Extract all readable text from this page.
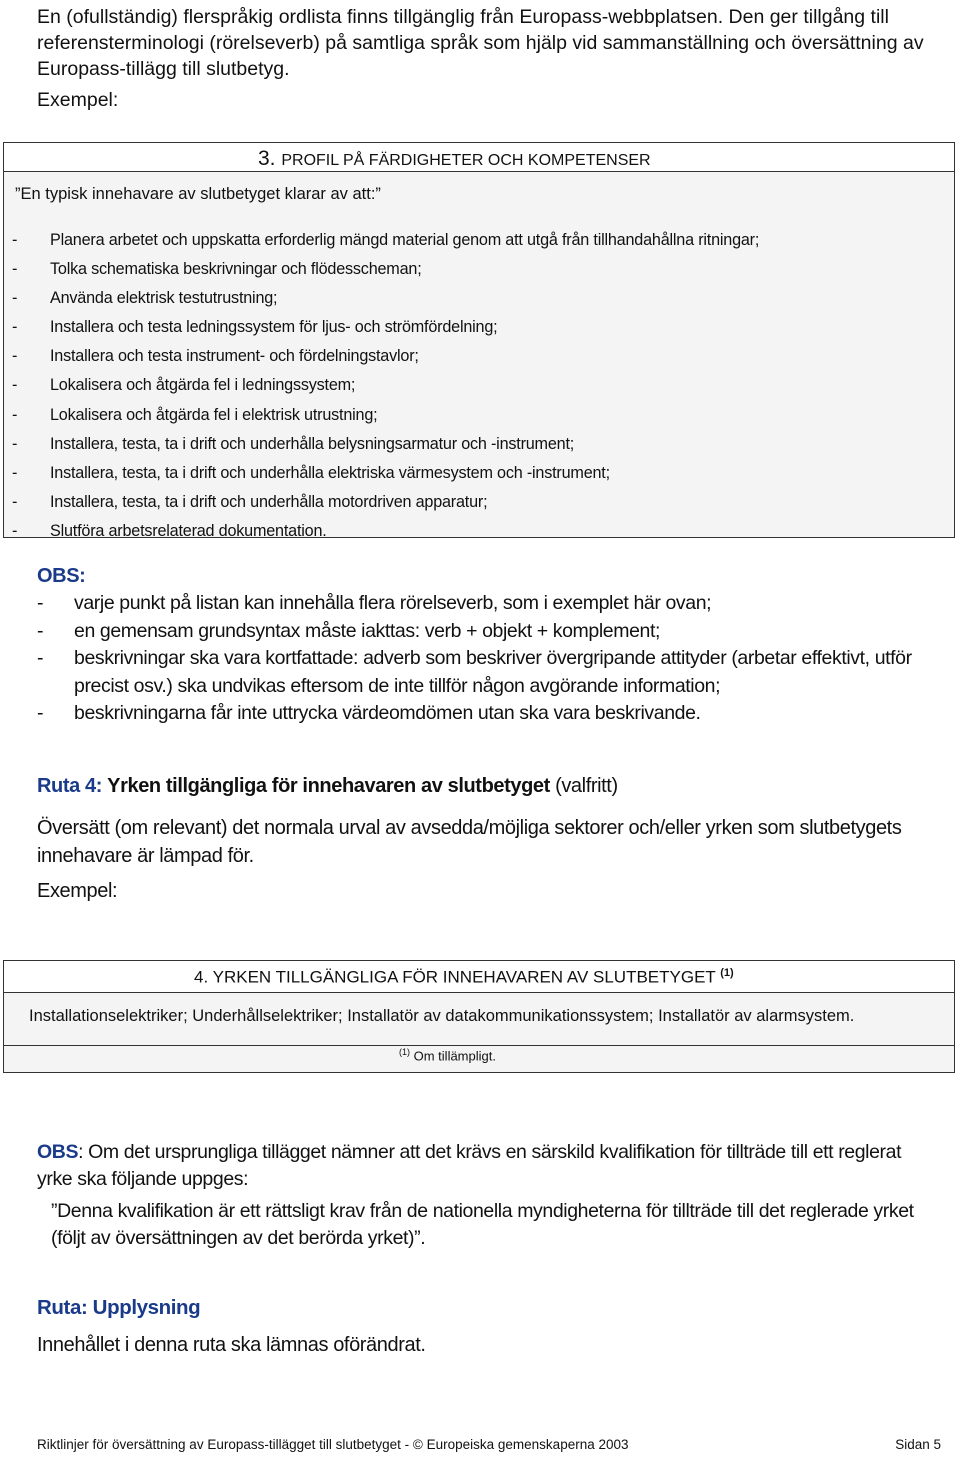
En (ofullständig) flerspråkig ordlista finns tillgänglig från Europass-webbplatsen. Den ger tillgång till
referensterminologi (rörelseverb) på samtliga språk som hjälp vid sammanställning och översättning av
Europass-tillägg till slutbetyg.
Exempel:
3. PROFIL PÅ FÄRDIGHETER OCH KOMPETENSER
”En typisk innehavare av slutbetyget klarar av att:”
- Planera arbetet och uppskatta erforderlig mängd material genom att utgå från tillhandahållna ritningar;
- Tolka schematiska beskrivningar och flödesscheman;
- Använda elektrisk testutrustning;
- Installera och testa ledningssystem för ljus- och strömfördelning;
- Installera och testa instrument- och fördelningstavlor;
- Lokalisera och åtgärda fel i ledningssystem;
- Lokalisera och åtgärda fel i elektrisk utrustning;
- Installera, testa, ta i drift och underhålla belysningsarmatur och -instrument;
- Installera, testa, ta i drift och underhålla elektriska värmesystem och -instrument;
- Installera, testa, ta i drift och underhålla motordriven apparatur;
- Slutföra arbetsrelaterad dokumentation.
OBS:
-	varje punkt på listan kan innehålla flera rörelseverb, som i exemplet här ovan;
-	en gemensam grundsyntax måste iakttas: verb + objekt + komplement;
-	beskrivningar ska vara kortfattade: adverb som beskriver övergripande attityder (arbetar effektivt, utför precist osv.) ska undvikas eftersom de inte tillför någon avgörande information;
-	beskrivningarna får inte uttrycka värdeomdömen utan ska vara beskrivande.

Ruta 4: Yrken tillgängliga för innehavaren av slutbetyget (valfritt)

Översätt (om relevant) det normala urval av avsedda/möjliga sektorer och/eller yrken som slutbetygets innehavare är lämpad för.

Exempel:

4. YRKEN TILLGÄNGLIGA FÖR INNEHAVAREN AV SLUTBETYGET $^{(1)}$
Installationselektriker; Underhållselektriker; Installatör av datakommunikationssystem; Installatör av alarmsystem.
$^{(1)}$ Om tillämpligt.
OBS: Om det ursprungliga tillägget nämner att det krävs en särskild kvalifikation för tillträde till ett reglerat yrke ska följande uppges:
”Denna kvalifikation är ett rättsligt krav från de nationella myndigheterna för tillträde till det reglerade yrket (följt av översättningen av det berörda yrket)”.
Ruta: Upplysning

Innehållet i denna ruta ska lämnas oförändrat.

Riktlinjer för översättning av Europass-tillägget till slutbetyget - © Europeiska gemenskaperna 2003	Sidan 5
